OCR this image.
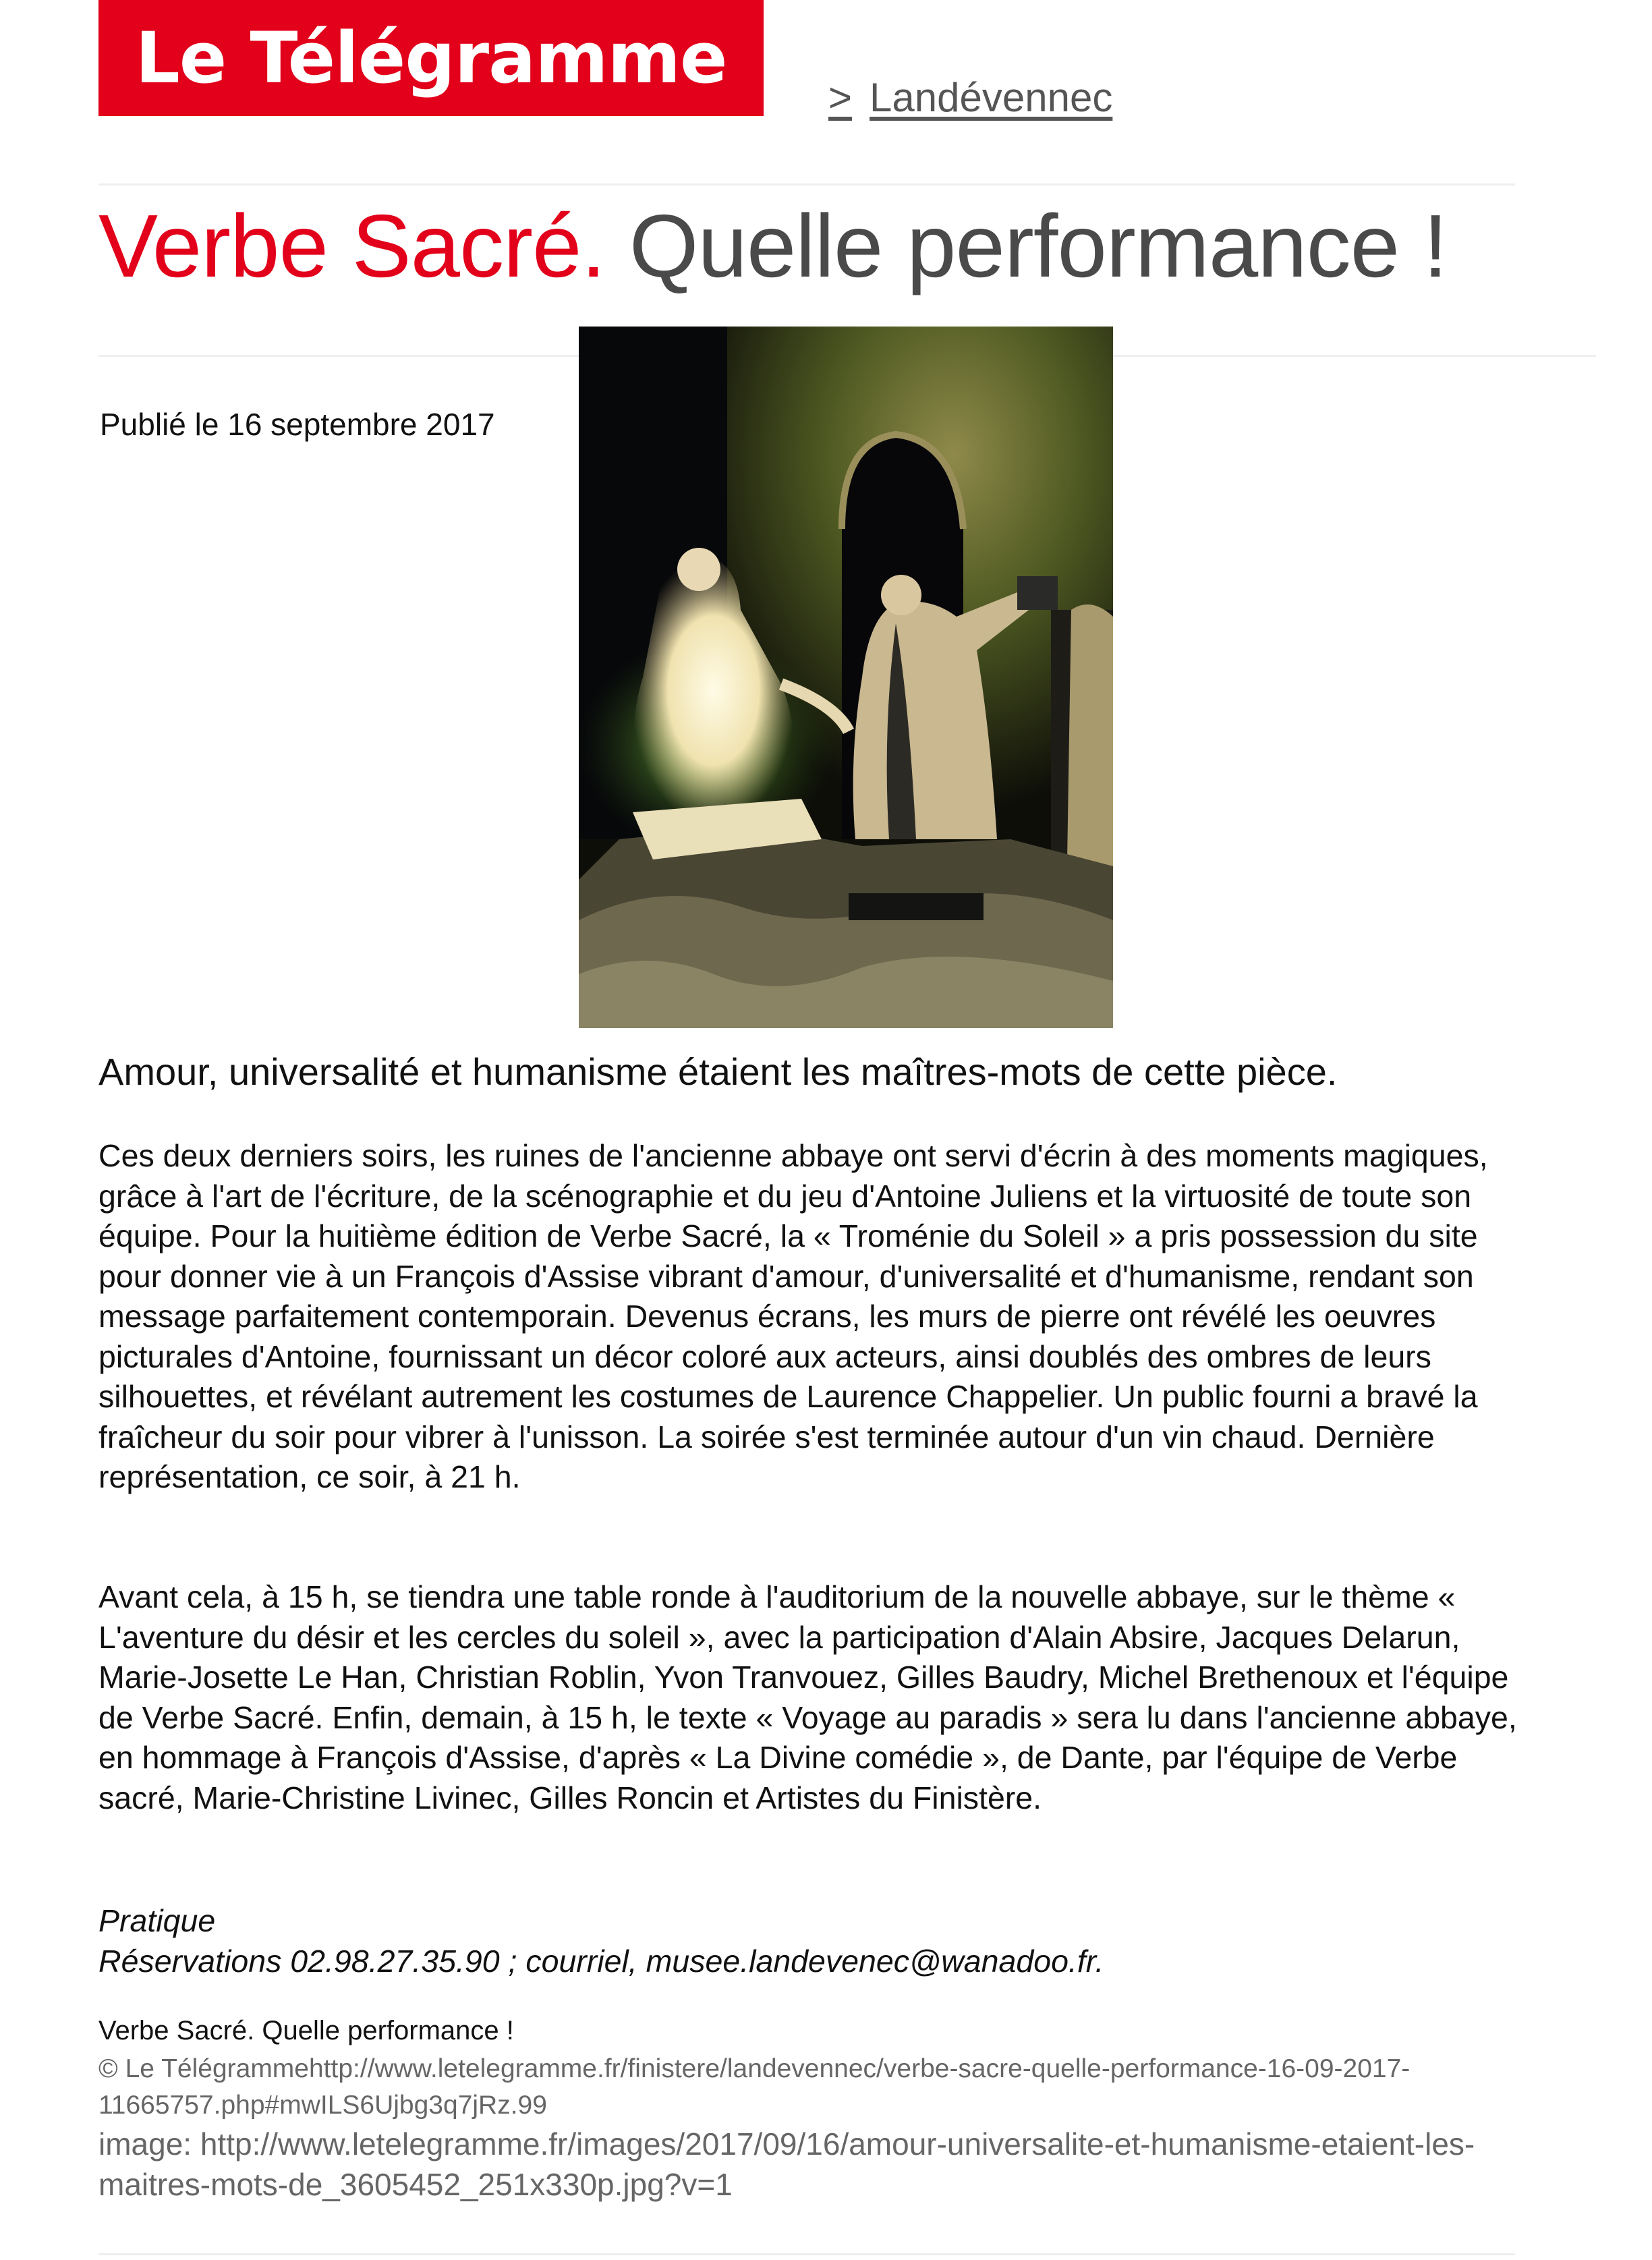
Le Télégramme	> Landévennec
Verbe Sacré. Quelle performance !
Publié le 16 septembre 2017
Amour, universalité et humanisme étaient les maîtres-mots de cette pièce.

Ces deux derniers soirs, les ruines de l'ancienne abbaye ont servi d'écrin à des moments magiques, grâce à l'art de l'écriture, de la scénographie et du jeu d'Antoine Juliens et la virtuosité de toute son équipe. Pour la huitième édition de Verbe Sacré, la « Troménie du Soleil » a pris possession du site pour donner vie à un François d'Assise vibrant d'amour, d'universalité et d'humanisme, rendant son message parfaitement contemporain. Devenus écrans, les murs de pierre ont révélé les oeuvres picturales d'Antoine, fournissant un décor coloré aux acteurs, ainsi doublés des ombres de leurs silhouettes, et révélant autrement les costumes de Laurence Chappelier. Un public fourni a bravé la fraîcheur du soir pour vibrer à l'unisson. La soirée s'est terminée autour d'un vin chaud. Dernière représentation, ce soir, à 21 h.

Avant cela, à 15 h, se tiendra une table ronde à l'auditorium de la nouvelle abbaye, sur le thème « L'aventure du désir et les cercles du soleil », avec la participation d'Alain Absire, Jacques Delarun, Marie-Josette Le Han, Christian Roblin, Yvon Tranvouez, Gilles Baudry, Michel Brethenoux et l'équipe de Verbe Sacré. Enfin, demain, à 15 h, le texte « Voyage au paradis » sera lu dans l'ancienne abbaye, en hommage à François d'Assise, d'après « La Divine comédie », de Dante, par l'équipe de Verbe sacré, Marie-Christine Livinec, Gilles Roncin et Artistes du Finistère.

Pratique
Réservations 02.98.27.35.90 ; courriel, musee.landevenec@wanadoo.fr.
Verbe Sacré. Quelle performance !
© Le Télégrammehttp://www.letelegramme.fr/finistere/landevennec/verbe-sacre-quelle-performance-16-09-2017-11665757.php#mwILS6Ujbg3q7jRz.99
image: http://www.letelegramme.fr/images/2017/09/16/amour-universalite-et-humanisme-etaient-les-maitres-mots-de_3605452_251x330p.jpg?v=1
